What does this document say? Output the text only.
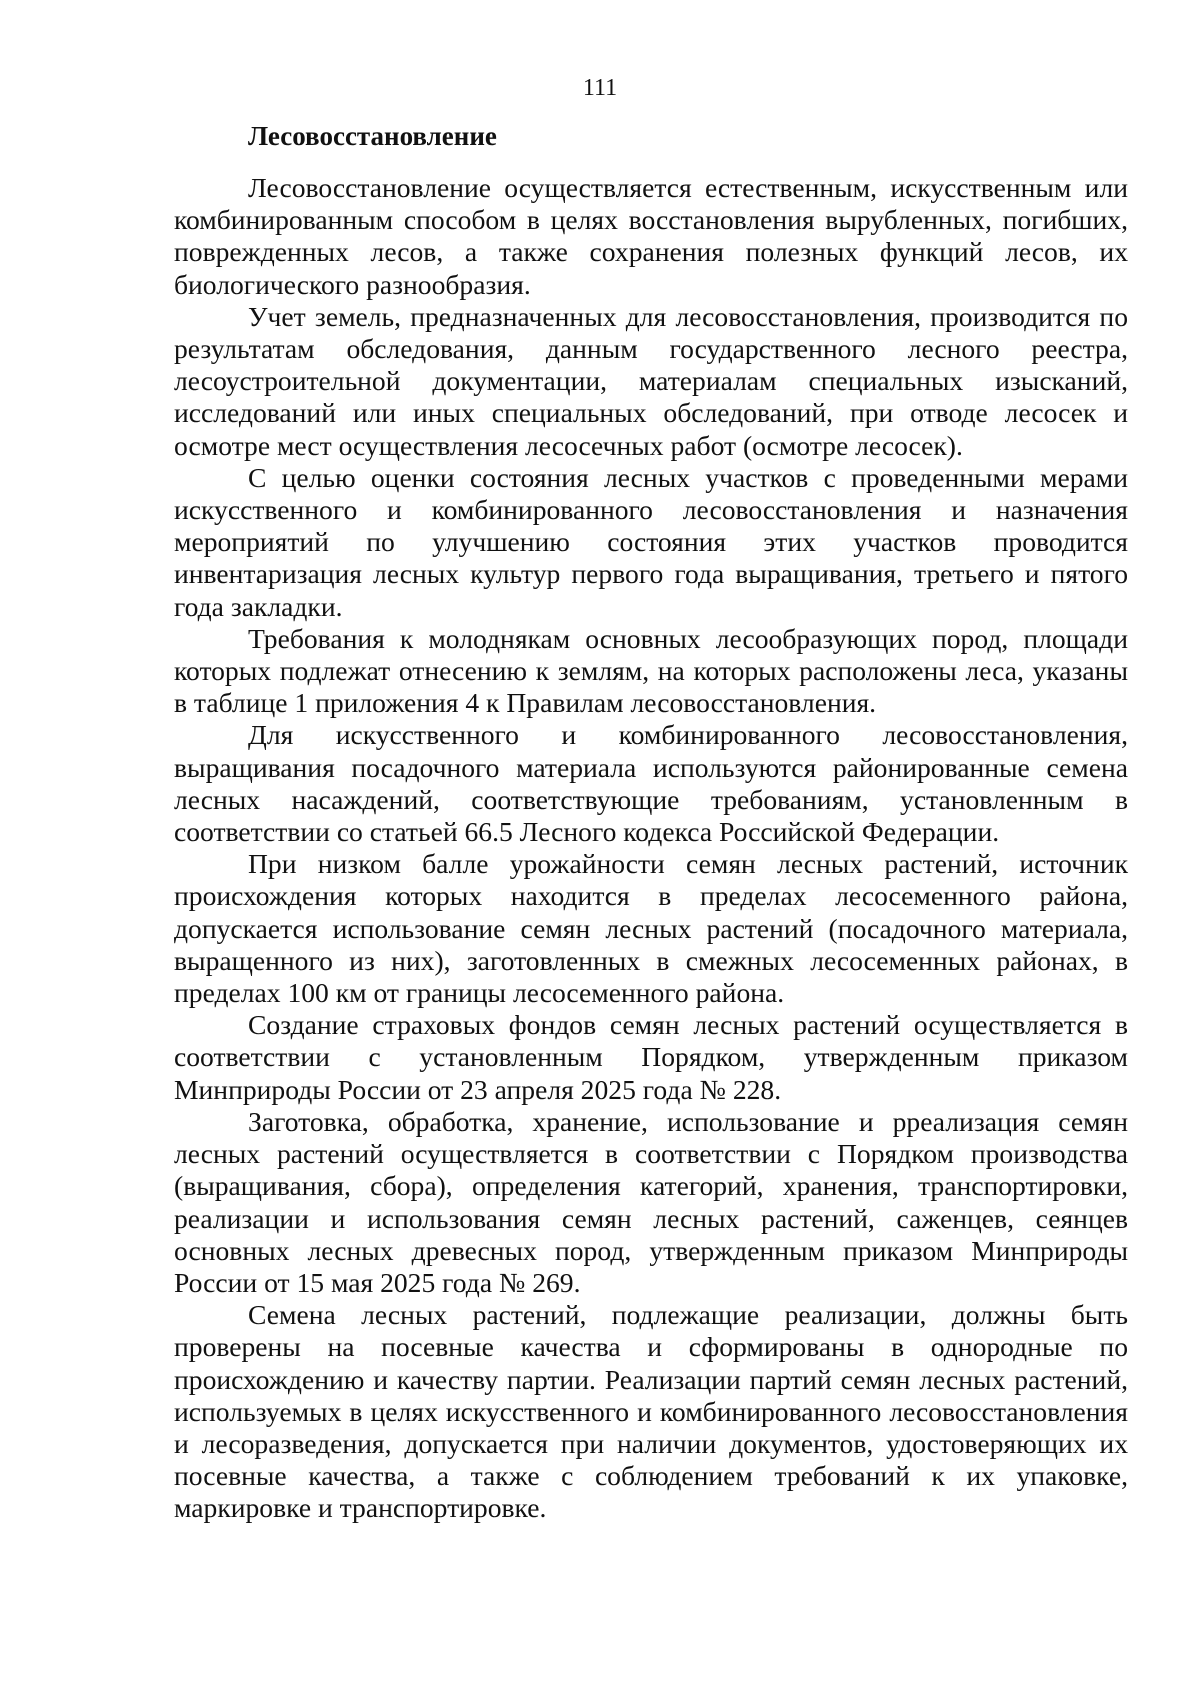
111
Лесовосстановление

Лесовосстановление осуществляется естественным, искусственным или комбинированным способом в целях восстановления вырубленных, погибших, поврежденных лесов, а также сохранения полезных функций лесов, их биологического разнообразия.

Учет земель, предназначенных для лесовосстановления, производится по результатам обследования, данным государственного лесного реестра, лесоустроительной документации, материалам специальных изысканий, исследований или иных специальных обследований, при отводе лесосек и осмотре мест осуществления лесосечных работ (осмотре лесосек).

С целью оценки состояния лесных участков с проведенными мерами искусственного и комбинированного лесовосстановления и назначения мероприятий по улучшению состояния этих участков проводится инвентаризация лесных культур первого года выращивания, третьего и пятого года закладки.

Требования к молоднякам основных лесообразующих пород, площади которых подлежат отнесению к землям, на которых расположены леса, указаны в таблице 1 приложения 4 к Правилам лесовосстановления.

Для искусственного и комбинированного лесовосстановления, выращивания посадочного материала используются районированные семена лесных насаждений, соответствующие требованиям, установленным в соответствии со статьей 66.5 Лесного кодекса Российской Федерации.

При низком балле урожайности семян лесных растений, источник происхождения которых находится в пределах лесосеменного района, допускается использование семян лесных растений (посадочного материала, выращенного из них), заготовленных в смежных лесосеменных районах, в пределах 100 км от границы лесосеменного района.

Создание страховых фондов семян лесных растений осуществляется в соответствии с установленным Порядком, утвержденным приказом Минприроды России от 23 апреля 2025 года № 228.

Заготовка, обработка, хранение, использование и рреализация семян лесных растений осуществляется в соответствии с Порядком производства (выращивания, сбора), определения категорий, хранения, транспортировки, реализации и использования семян лесных растений, саженцев, сеянцев основных лесных древесных пород, утвержденным приказом Минприроды России от 15 мая 2025 года № 269.

Семена лесных растений, подлежащие реализации, должны быть проверены на посевные качества и сформированы в однородные по происхождению и качеству партии. Реализации партий семян лесных растений, используемых в целях искусственного и комбинированного лесовосстановления и лесоразведения, допускается при наличии документов, удостоверяющих их посевные качества, а также с соблюдением требований к их упаковке, маркировке и транспортировке.
